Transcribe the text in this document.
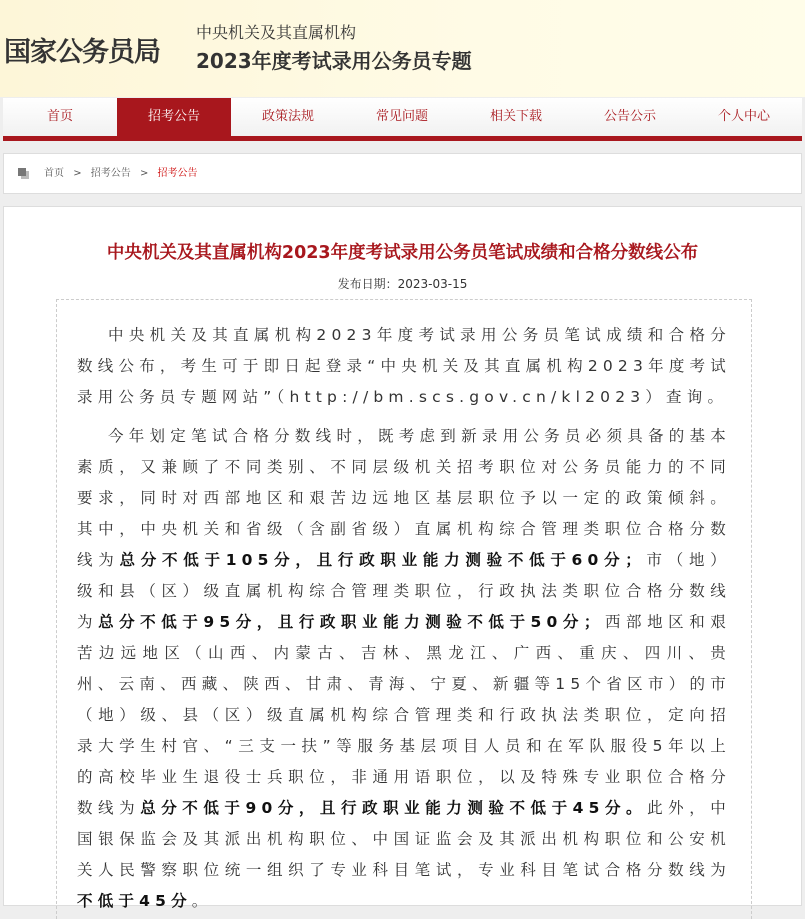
国家公务员局
中央机关及其直属机构
2023年度考试录用公务员专题
首页	招考公告	政策法规	常见问题	相关下载	公告公示	个人中心
首页 > 招考公告 > 招考公告
中央机关及其直属机构2023年度考试录用公务员笔试成绩和合格分数线公布
发布日期：2023-03-15

中央机关及其直属机构2023年度考试录用公务员笔试成绩和合格分数线公布，考生可于即日起登录“中央机关及其直属机构2023年度考试录用公务员专题网站”（http://bm.scs.gov.cn/kl2023）查询。

今年划定笔试合格分数线时，既考虑到新录用公务员必须具备的基本素质，又兼顾了不同类别、不同层级机关招考职位对公务员能力的不同要求，同时对西部地区和艰苦边远地区基层职位予以一定的政策倾斜。其中，中央机关和省级（含副省级）直属机构综合管理类职位合格分数线为总分不低于105分，且行政职业能力测验不低于60分；市（地）级和县（区）级直属机构综合管理类职位，行政执法类职位合格分数线为总分不低于95分，且行政职业能力测验不低于50分；西部地区和艰苦边远地区（山西、内蒙古、吉林、黑龙江、广西、重庆、四川、贵州、云南、西藏、陕西、甘肃、青海、宁夏、新疆等15个省区市）的市（地）级、县（区）级直属机构综合管理类和行政执法类职位，定向招录大学生村官、“三支一扶”等服务基层项目人员和在军队服役5年以上的高校毕业生退役士兵职位，非通用语职位，以及特殊专业职位合格分数线为总分不低于90分，且行政职业能力测验不低于45分。此外，中国银保监会及其派出机构职位、中国证监会及其派出机构职位和公安机关人民警察职位统一组织了专业科目笔试，专业科目笔试合格分数线为不低于45分。
